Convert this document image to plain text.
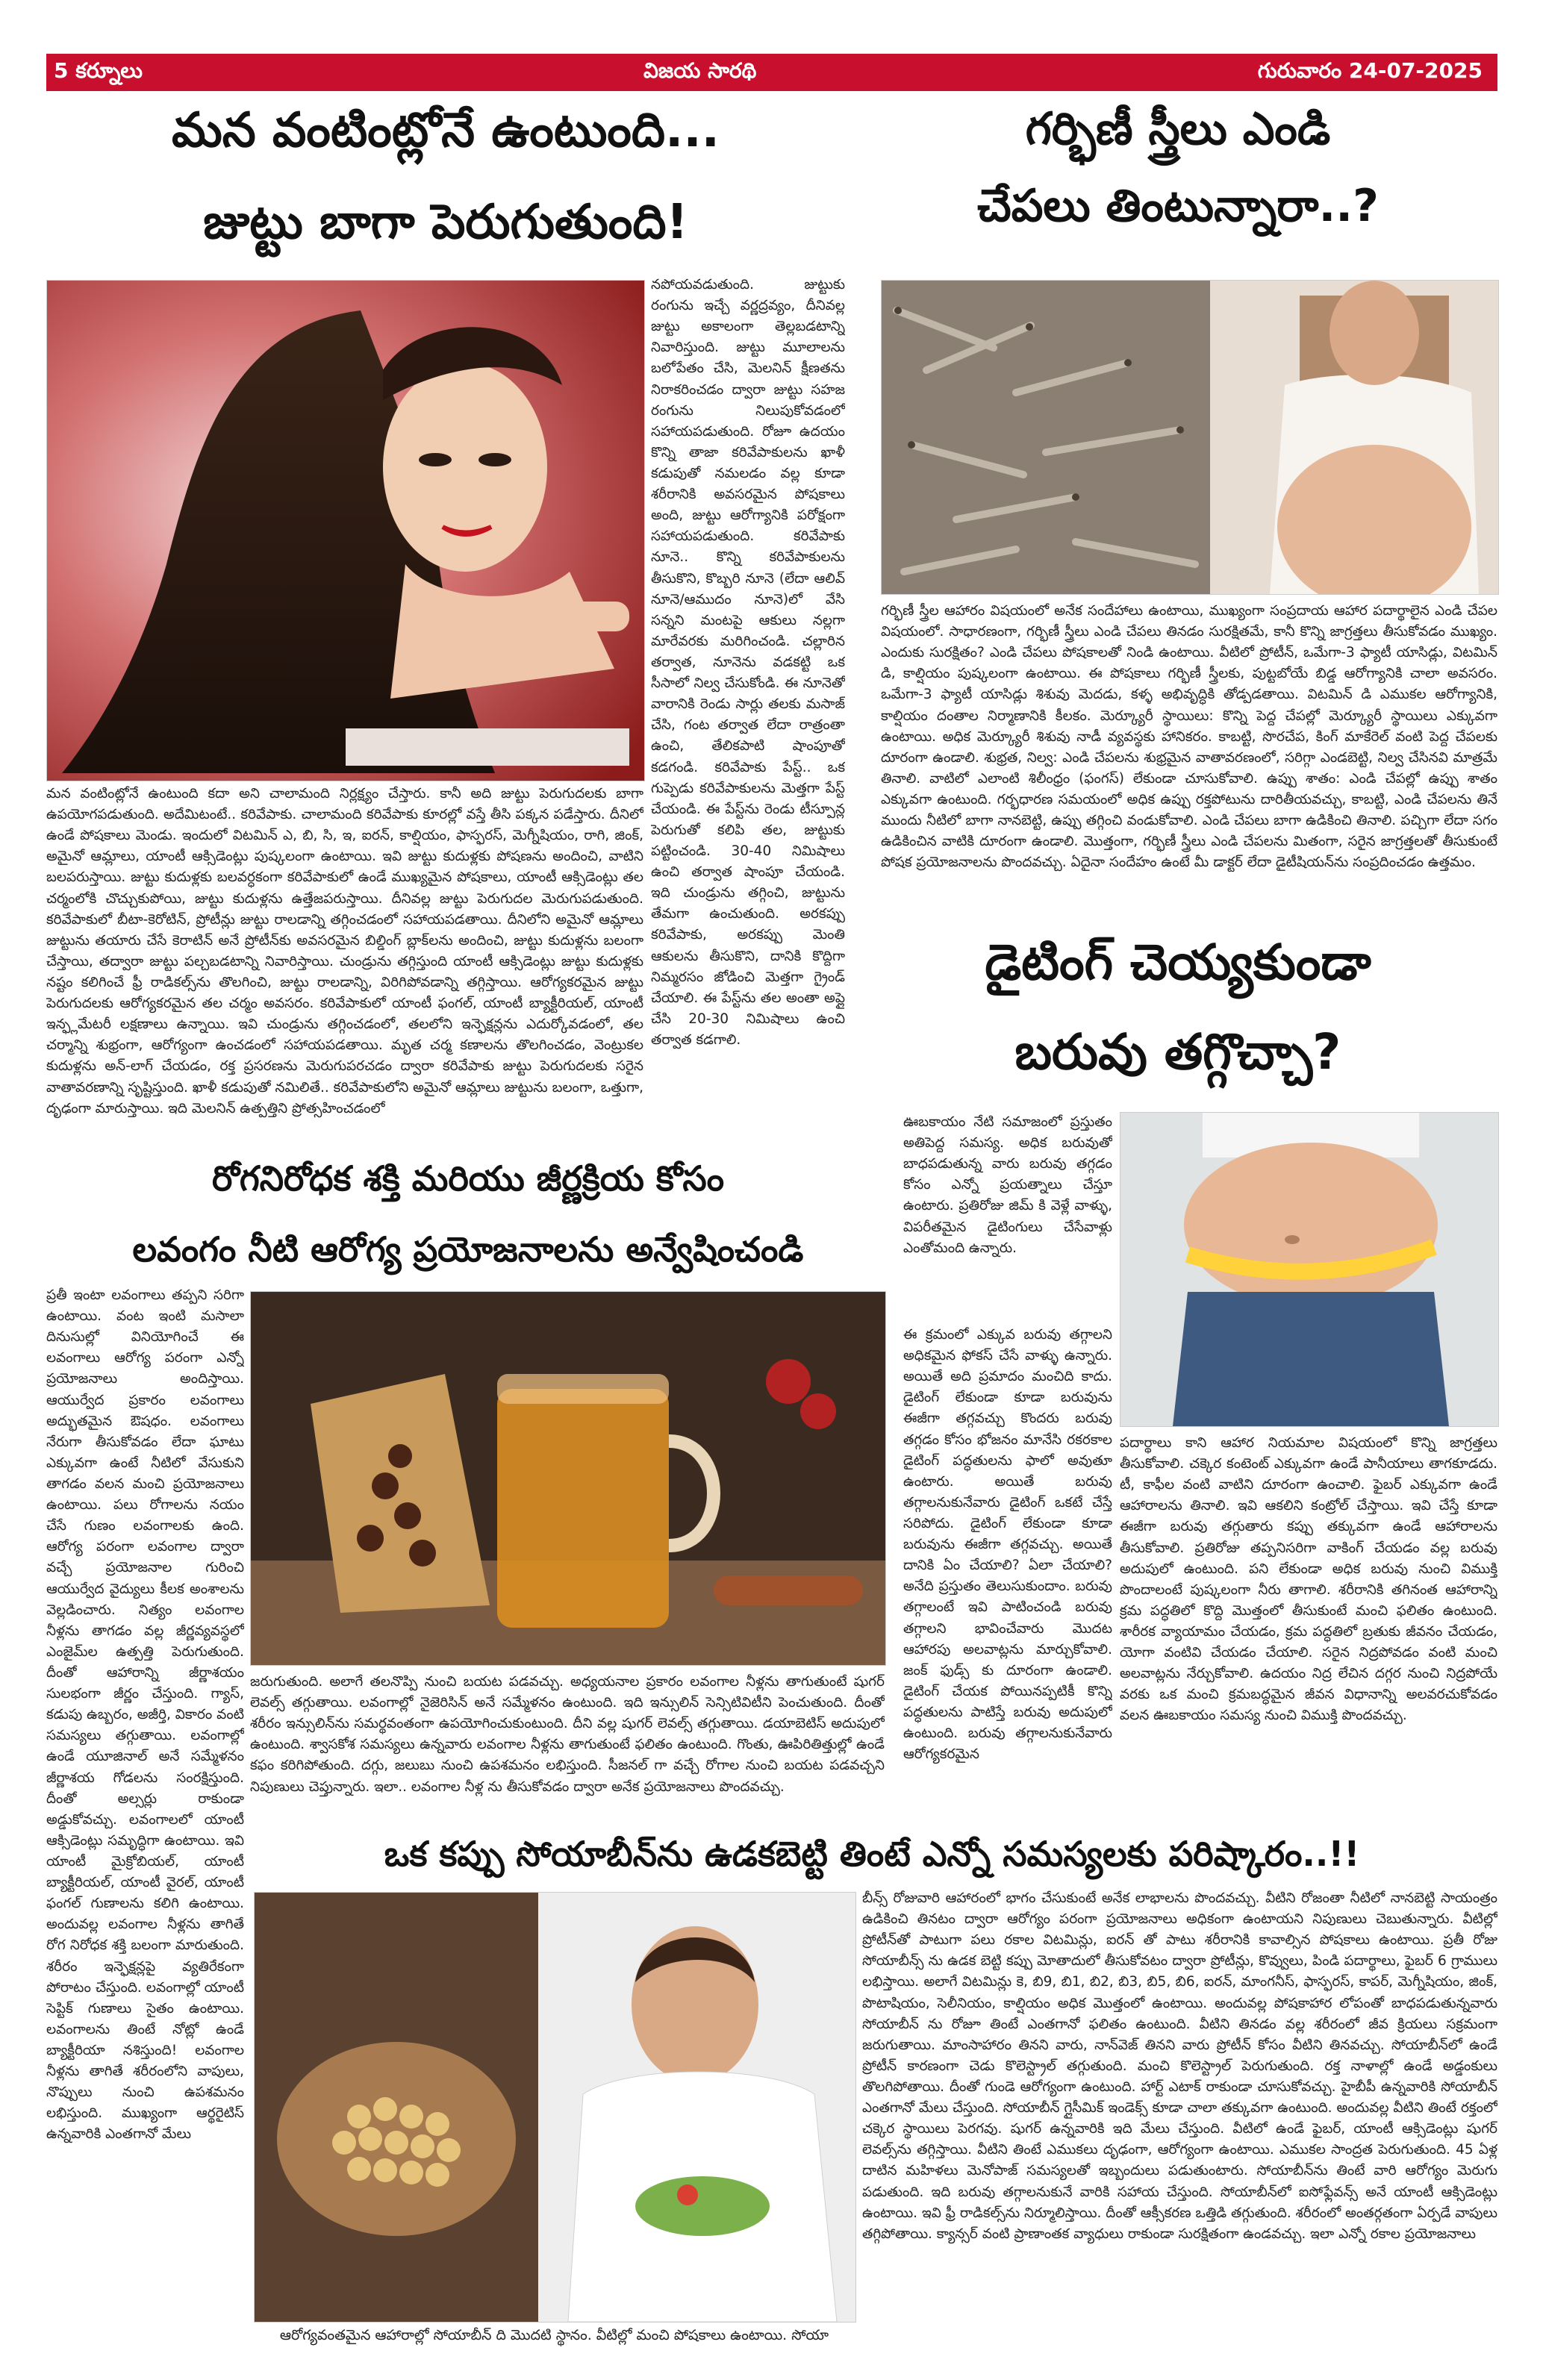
5 కర్నూలు	విజయ సారథి	గురువారం 24-07-2025
మన వంటింట్లోనే ఉంటుంది...
జుట్టు బాగా పెరుగుతుంది!
నపోయవడుతుంది. జుట్టుకు రంగును ఇచ్చే వర్ణద్రవ్యం, దీనివల్ల జుట్టు అకాలంగా తెల్లబడటాన్ని నివారిస్తుంది. జుట్టు మూలాలను బలోపేతం చేసి, మెలనిన్ క్షీణతను నిరాకరించడం ద్వారా జుట్టు సహజ రంగును నిలుపుకోవడంలో సహాయపడుతుంది. రోజూ ఉదయం కొన్ని తాజా కరివేపాకులను ఖాళీ కడుపుతో నమలడం వల్ల కూడా శరీరానికి అవసరమైన పోషకాలు అంది, జుట్టు ఆరోగ్యానికి పరోక్షంగా సహాయపడుతుంది. కరివేపాకు నూనె.. కొన్ని కరివేపాకులను తీసుకొని, కొబ్బరి నూనె (లేదా ఆలివ్ నూనె/ఆముదం నూనె)లో వేసి సన్నని మంటపై ఆకులు నల్లగా మారేవరకు మరిగించండి. చల్లారిన తర్వాత, నూనెను వడకట్టి ఒక సీసాలో నిల్వ చేసుకోండి. ఈ నూనెతో వారానికి రెండు సార్లు తలకు మసాజ్ చేసి, గంట తర్వాత లేదా రాత్రంతా ఉంచి, తేలికపాటి షాంపూతో కడగండి. కరివేపాకు పేస్ట్.. ఒక గుప్పెడు కరివేపాకులను మెత్తగా పేస్ట్ చేయండి. ఈ పేస్ట్‌ను రెండు టీస్పూన్ల పెరుగుతో కలిపి తల, జుట్టుకు పట్టించండి. 30-40 నిమిషాలు ఉంచి తర్వాత షాంపూ చేయండి. ఇది చుండ్రును తగ్గించి, జుట్టును తేమగా ఉంచుతుంది. అరకప్పు కరివేపాకు, అరకప్పు మెంతి ఆకులను తీసుకొని, దానికి కొద్దిగా నిమ్మరసం జోడించి మెత్తగా గ్రైండ్ చేయాలి. ఈ పేస్ట్‌ను తల అంతా అప్లై చేసి 20-30 నిమిషాలు ఉంచి తర్వాత కడగాలి.
మన వంటింట్లోనే ఉంటుంది కదా అని చాలామంది నిర్లక్ష్యం చేస్తారు. కానీ అది జుట్టు పెరుగుదలకు బాగా ఉపయోగపడుతుంది. అదేమిటంటే.. కరివేపాకు. చాలామంది కరివేపాకు కూరల్లో వస్తే తీసి పక్కన పడేస్తారు. దీనిలో ఉండే పోషకాలు మెండు. ఇందులో విటమిన్ ఎ, బి, సి, ఇ, ఐరన్, కాల్షియం, ఫాస్ఫరస్, మెగ్నీషియం, రాగి, జింక్, అమైనో ఆమ్లాలు, యాంటీ ఆక్సిడెంట్లు పుష్కలంగా ఉంటాయి. ఇవి జుట్టు కుదుళ్లకు పోషణను అందించి, వాటిని బలపరుస్తాయి. జుట్టు కుదుళ్లకు బలవర్ధకంగా కరివేపాకులో ఉండే ముఖ్యమైన పోషకాలు, యాంటీ ఆక్సిడెంట్లు తల చర్మంలోకి చొచ్చుకుపోయి, జుట్టు కుదుళ్లను ఉత్తేజపరుస్తాయి. దీనివల్ల జుట్టు పెరుగుదల మెరుగుపడుతుంది. కరివేపాకులో బీటా-కెరోటిన్, ప్రోటీన్లు జుట్టు రాలడాన్ని తగ్గించడంలో సహాయపడతాయి. దీనిలోని అమైనో ఆమ్లాలు జుట్టును తయారు చేసే కెరాటిన్ అనే ప్రోటీన్‌కు అవసరమైన బిల్డింగ్ బ్లాక్‌లను అందించి, జుట్టు కుదుళ్లను బలంగా చేస్తాయి, తద్వారా జుట్టు పల్చబడటాన్ని నివారిస్తాయి. చుండ్రును తగ్గిస్తుంది యాంటీ ఆక్సిడెంట్లు జుట్టు కుదుళ్లకు నష్టం కలిగించే ఫ్రీ రాడికల్స్‌ను తొలగించి, జుట్టు రాలడాన్ని, విరిగిపోవడాన్ని తగ్గిస్తాయి. ఆరోగ్యకరమైన జుట్టు పెరుగుదలకు ఆరోగ్యకరమైన తల చర్మం అవసరం. కరివేపాకులో యాంటీ ఫంగల్, యాంటీ బ్యాక్టీరియల్, యాంటీ ఇన్ఫ్లమేటరీ లక్షణాలు ఉన్నాయి. ఇవి చుండ్రును తగ్గించడంలో, తలలోని ఇన్ఫెక్షన్లను ఎదుర్కోవడంలో, తల చర్మాన్ని శుభ్రంగా, ఆరోగ్యంగా ఉంచడంలో సహాయపడతాయి. మృత చర్మ కణాలను తొలగించడం, వెంట్రుకల కుదుళ్లను అన్-లాగ్ చేయడం, రక్త ప్రసరణను మెరుగుపరచడం ద్వారా కరివేపాకు జుట్టు పెరుగుదలకు సరైన వాతావరణాన్ని సృష్టిస్తుంది. ఖాళీ కడుపుతో నమిలితే.. కరివేపాకులోని అమైనో ఆమ్లాలు జుట్టును బలంగా, ఒత్తుగా, దృఢంగా మారుస్తాయి. ఇది మెలనిన్ ఉత్పత్తిని ప్రోత్సహించడంలో
గర్భిణీ స్త్రీలు ఎండి
చేపలు తింటున్నారా..?
గర్భిణీ స్త్రీల ఆహారం విషయంలో అనేక సందేహాలు ఉంటాయి, ముఖ్యంగా సంప్రదాయ ఆహార పదార్థాలైన ఎండి చేపల విషయంలో. సాధారణంగా, గర్భిణీ స్త్రీలు ఎండి చేపలు తినడం సురక్షితమే, కానీ కొన్ని జాగ్రత్తలు తీసుకోవడం ముఖ్యం. ఎందుకు సురక్షితం? ఎండి చేపలు పోషకాలతో నిండి ఉంటాయి. వీటిలో ప్రోటీన్, ఒమేగా-3 ఫ్యాటీ యాసిడ్లు, విటమిన్ డి, కాల్షియం పుష్కలంగా ఉంటాయి. ఈ పోషకాలు గర్భిణీ స్త్రీలకు, పుట్టబోయే బిడ్డ ఆరోగ్యానికి చాలా అవసరం. ఒమేగా-3 ఫ్యాటీ యాసిడ్లు శిశువు మెదడు, కళ్ళ అభివృద్ధికి తోడ్పడతాయి. విటమిన్ డి ఎముకల ఆరోగ్యానికి, కాల్షియం దంతాల నిర్మాణానికి కీలకం. మెర్క్యూరీ స్థాయిలు: కొన్ని పెద్ద చేపల్లో మెర్క్యూరీ స్థాయిలు ఎక్కువగా ఉంటాయి. అధిక మెర్క్యూరీ శిశువు నాడీ వ్యవస్థకు హానికరం. కాబట్టి, సొరచేప, కింగ్ మాకేరెల్ వంటి పెద్ద చేపలకు దూరంగా ఉండాలి. శుభ్రత, నిల్వ: ఎండి చేపలను శుభ్రమైన వాతావరణంలో, సరిగ్గా ఎండబెట్టి, నిల్వ చేసినవి మాత్రమే తినాలి. వాటిలో ఎలాంటి శిలీంధ్రం (ఫంగస్) లేకుండా చూసుకోవాలి. ఉప్పు శాతం: ఎండి చేపల్లో ఉప్పు శాతం ఎక్కువగా ఉంటుంది. గర్భధారణ సమయంలో అధిక ఉప్పు రక్తపోటును దారితీయవచ్చు, కాబట్టి, ఎండి చేపలను తినే ముందు నీటిలో బాగా నానబెట్టి, ఉప్పు తగ్గించి వండుకోవాలి. ఎండి చేపలు బాగా ఉడికించి తినాలి. పచ్చిగా లేదా సగం ఉడికించిన వాటికి దూరంగా ఉండాలి. మొత్తంగా, గర్భిణీ స్త్రీలు ఎండి చేపలను మితంగా, సరైన జాగ్రత్తలతో తీసుకుంటే పోషక ప్రయోజనాలను పొందవచ్చు. ఏదైనా సందేహం ఉంటే మీ డాక్టర్ లేదా డైటీషియన్‌ను సంప్రదించడం ఉత్తమం.
డైటింగ్ చెయ్యకుండా
బరువు తగ్గొచ్చా?
ఊబకాయం నేటి సమాజంలో ప్రస్తుతం అతిపెద్ద సమస్య. అధిక బరువుతో బాధపడుతున్న వారు బరువు తగ్గడం కోసం ఎన్నో ప్రయత్నాలు చేస్తూ ఉంటారు. ప్రతిరోజు జిమ్ కి వెళ్లే వాళ్ళు, విపరీతమైన డైటింగులు చేసేవాళ్లు ఎంతోమంది ఉన్నారు.
ఈ క్రమంలో ఎక్కువ బరువు తగ్గాలని అధికమైన ఫోకస్ చేసే వాళ్ళు ఉన్నారు. అయితే అది ప్రమాదం మంచిది కాదు. డైటింగ్ లేకుండా కూడా బరువును ఈజీగా తగ్గవచ్చు కొందరు బరువు తగ్గడం కోసం భోజనం మానేసి రకరకాల డైటింగ్ పద్ధతులను ఫాలో అవుతూ ఉంటారు. అయితే బరువు తగ్గాలనుకునేవారు డైటింగ్ ఒకటే చేస్తే సరిపోదు. డైటింగ్ లేకుండా కూడా బరువును ఈజీగా తగ్గవచ్చు. అయితే దానికి ఏం చేయాలి? ఏలా చేయాలి? అనేది ప్రస్తుతం తెలుసుకుందాం. బరువు తగ్గాలంటే ఇవి పాటించండి బరువు తగ్గాలని భావించేవారు మొదట ఆహారపు అలవాట్లను మార్చుకోవాలి. జంక్ ఫుడ్స్ కు దూరంగా ఉండాలి. డైటింగ్ చేయక పోయినప్పటికీ కొన్ని పద్ధతులను పాటిస్తే బరువు అదుపులో ఉంటుంది. బరువు తగ్గాలనుకునేవారు ఆరోగ్యకరమైన
పదార్థాలు కాని ఆహార నియమాల విషయంలో కొన్ని జాగ్రత్తలు తీసుకోవాలి. చక్కెర కంటెంట్ ఎక్కువగా ఉండే పానీయాలు తాగకూడదు. టీ, కాఫీల వంటి వాటిని దూరంగా ఉంచాలి. ఫైబర్ ఎక్కువగా ఉండే ఆహారాలను తినాలి. ఇవి ఆకలిని కంట్రోల్ చేస్తాయి. ఇవి చేస్తే కూడా ఈజీగా బరువు తగ్గుతారు కప్పు తక్కువగా ఉండే ఆహారాలను తీసుకోవాలి. ప్రతిరోజు తప్పనిసరిగా వాకింగ్ చేయడం వల్ల బరువు అదుపులో ఉంటుంది. పని లేకుండా అధిక బరువు నుంచి విముక్తి పొందాలంటే పుష్కలంగా నీరు తాగాలి. శరీరానికి తగినంత ఆహారాన్ని క్రమ పద్ధతిలో కొద్ది మొత్తంలో తీసుకుంటే మంచి ఫలితం ఉంటుంది. శారీరక వ్యాయామం చేయడం, క్రమ పద్ధతిలో బ్రతుకు జీవనం చేయడం, యోగా వంటివి చేయడం చేయాలి. సరైన నిద్రపోవడం వంటి మంచి అలవాట్లను నేర్చుకోవాలి. ఉదయం నిద్ర లేచిన దగ్గర నుంచి నిద్రపోయే వరకు ఒక మంచి క్రమబద్ధమైన జీవన విధానాన్ని అలవరచుకోవడం వలన ఊబకాయం సమస్య నుంచి విముక్తి పొందవచ్చు.
రోగనిరోధక శక్తి మరియు జీర్ణక్రియ కోసం
లవంగం నీటి ఆరోగ్య ప్రయోజనాలను అన్వేషించండి
ప్రతీ ఇంటా లవంగాలు తప్పని సరిగా ఉంటాయి. వంట ఇంటి మసాలా దినుసుల్లో వినియోగించే ఈ లవంగాలు ఆరోగ్య పరంగా ఎన్నో ప్రయోజనాలు అందిస్తాయి. ఆయుర్వేద ప్రకారం లవంగాలు అద్భుతమైన ఔషధం. లవంగాలు నేరుగా తీసుకోవడం లేదా ఘాటు ఎక్కువగా ఉంటే నీటిలో వేసుకుని తాగడం వలన మంచి ప్రయోజనాలు ఉంటాయి. పలు రోగాలను నయం చేసే గుణం లవంగాలకు ఉంది. ఆరోగ్య పరంగా లవంగాల ద్వారా వచ్చే ప్రయోజనాల గురించి ఆయుర్వేద వైద్యులు కీలక అంశాలను వెల్లడించారు. నిత్యం లవంగాల నీళ్లను తాగడం వల్ల జీర్ణవ్యవస్థలో ఎంజైమ్‌ల ఉత్పత్తి పెరుగుతుంది. దీంతో ఆహారాన్ని జీర్ణాశయం సులభంగా జీర్ణం చేస్తుంది. గ్యాస్, కడుపు ఉబ్బరం, అజీర్తి, వికారం వంటి సమస్యలు తగ్గుతాయి. లవంగాల్లో ఉండే యూజినాల్ అనే సమ్మేళనం జీర్ణాశయ గోడలను సంరక్షిస్తుంది. దీంతో అల్సర్లు రాకుండా అడ్డుకోవచ్చు. లవంగాలలో యాంటీ ఆక్సిడెంట్లు సమృద్ధిగా ఉంటాయి. ఇవి యాంటీ మైక్రోబియల్, యాంటీ బ్యాక్టీరియల్, యాంటీ వైరల్, యాంటీ ఫంగల్ గుణాలను కలిగి ఉంటాయి. అందువల్ల లవంగాల నీళ్లను తాగితే రోగ నిరోధక శక్తి బలంగా మారుతుంది. శరీరం ఇన్ఫెక్షన్లపై వ్యతిరేకంగా పోరాటం చేస్తుంది. లవంగాల్లో యాంటీ సెప్టిక్ గుణాలు సైతం ఉంటాయి. లవంగాలను తింటే నోట్లో ఉండే బ్యాక్టీరియా నశిస్తుంది! లవంగాల నీళ్లను తాగితే శరీరంలోని వాపులు, నొప్పులు నుంచి ఉపశమనం లభిస్తుంది. ముఖ్యంగా ఆర్థరైటిస్ ఉన్నవారికి ఎంతగానో మేలు
జరుగుతుంది. అలాగే తలనొప్పి నుంచి బయట పడవచ్చు. అధ్యయనాల ప్రకారం లవంగాల నీళ్లను తాగుతుంటే షుగర్ లెవల్స్ తగ్గుతాయి. లవంగాల్లో నైజెరిసిన్ అనే సమ్మేళనం ఉంటుంది. ఇది ఇన్సులిన్ సెన్సిటివిటీని పెంచుతుంది. దీంతో శరీరం ఇన్సులిన్‌ను సమర్థవంతంగా ఉపయోగించుకుంటుంది. దీని వల్ల షుగర్ లెవల్స్ తగ్గుతాయి. డయాబెటిస్ అదుపులో ఉంటుంది. శ్వాసకోశ సమస్యలు ఉన్నవారు లవంగాల నీళ్లను తాగుతుంటే ఫలితం ఉంటుంది. గొంతు, ఊపిరితిత్తుల్లో ఉండే కఫం కరిగిపోతుంది. దగ్గు, జలుబు నుంచి ఉపశమనం లభిస్తుంది. సీజనల్ గా వచ్చే రోగాల నుంచి బయట పడవచ్చని నిపుణులు చెప్తున్నారు. ఇలా.. లవంగాల నీళ్ల ను తీసుకోవడం ద్వారా అనేక ప్రయోజనాలు పొందవచ్చు.
ఒక కప్పు సోయాబీన్‌ను ఉడకబెట్టి తింటే ఎన్నో సమస్యలకు పరిష్కారం..!!
బీన్స్ రోజువారి ఆహారంలో భాగం చేసుకుంటే అనేక లాభాలను పొందవచ్చు. వీటిని రోజంతా నీటిలో నానబెట్టి సాయంత్రం ఉడికించి తినటం ద్వారా ఆరోగ్యం పరంగా ప్రయోజనాలు అధికంగా ఉంటాయని నిపుణులు చెబుతున్నారు. వీటిల్లో ప్రోటీన్‌తో పాటుగా పలు రకాల విటమిన్లు, ఐరన్ తో పాటు శరీరానికి కావాల్సిన పోషకాలు ఉంటాయి. ప్రతీ రోజు సోయాబీన్స్ ను ఉడక బెట్టి కప్పు మోతాదులో తీసుకోవటం ద్వారా ప్రోటీన్లు, కొవ్వులు, పిండి పదార్థాలు, ఫైబర్ 6 గ్రాములు లభిస్తాయి. అలాగే విటమిన్లు కె, బి9, బి1, బి2, బి3, బి5, బి6, ఐరన్, మాంగనీస్, ఫాస్ఫరస్, కాపర్, మెగ్నీషియం, జింక్, పొటాషియం, సెలీనియం, కాల్షియం అధిక మొత్తంలో ఉంటాయి. అందువల్ల పోషకాహార లోపంతో బాధపడుతున్నవారు సోయాబీన్ ను రోజూ తింటే ఎంతగానో ఫలితం ఉంటుంది. వీటిని తినడం వల్ల శరీరంలో జీవ క్రియలు సక్రమంగా జరుగుతాయి. మాంసాహారం తినని వారు, నాన్‌వెజ్ తినని వారు ప్రోటీన్ కోసం వీటిని తినవచ్చు. సోయాబీన్‌లో ఉండే ప్రోటీన్ కారణంగా చెడు కొలెస్ట్రాల్ తగ్గుతుంది. మంచి కొలెస్ట్రాల్ పెరుగుతుంది. రక్త నాళాల్లో ఉండే అడ్డంకులు తొలగిపోతాయి. దీంతో గుండె ఆరోగ్యంగా ఉంటుంది. హార్ట్ ఎటాక్ రాకుండా చూసుకోవచ్చు. హైబీపీ ఉన్నవారికి సోయాబీన్ ఎంతగానో మేలు చేస్తుంది. సోయాబీన్ గ్లైసీమిక్ ఇండెక్స్ కూడా చాలా తక్కువగా ఉంటుంది. అందువల్ల వీటిని తింటే రక్తంలో చక్కెర స్థాయిలు పెరగవు. షుగర్ ఉన్నవారికి ఇది మేలు చేస్తుంది. వీటిలో ఉండే ఫైబర్, యాంటీ ఆక్సిడెంట్లు షుగర్ లెవల్స్‌ను తగ్గిస్తాయి. వీటిని తింటే ఎముకలు దృఢంగా, ఆరోగ్యంగా ఉంటాయి. ఎముకల సాంద్రత పెరుగుతుంది. 45 ఏళ్ల దాటిన మహిళలు మెనోపాజ్ సమస్యలతో ఇబ్బందులు పడుతుంటారు. సోయాబీన్‌ను తింటే వారి ఆరోగ్యం మెరుగు పడుతుంది. ఇది బరువు తగ్గాలనుకునే వారికి సహాయ చేస్తుంది. సోయాబీన్‌లో ఐసోఫ్లేవన్స్ అనే యాంటీ ఆక్సిడెంట్లు ఉంటాయి. ఇవి ఫ్రీ రాడికల్స్‌ను నిర్మూలిస్తాయి. దీంతో ఆక్సీకరణ ఒత్తిడి తగ్గుతుంది. శరీరంలో అంతర్గతంగా ఏర్పడే వాపులు తగ్గిపోతాయి. క్యాన్సర్ వంటి ప్రాణాంతక వ్యాధులు రాకుండా సురక్షితంగా ఉండవచ్చు. ఇలా ఎన్నో రకాల ప్రయోజనాలు
ఆరోగ్యవంతమైన ఆహారాల్లో సోయాబీన్ ది మొదటి స్థానం. వీటిల్లో మంచి పోషకాలు ఉంటాయి. సోయా
